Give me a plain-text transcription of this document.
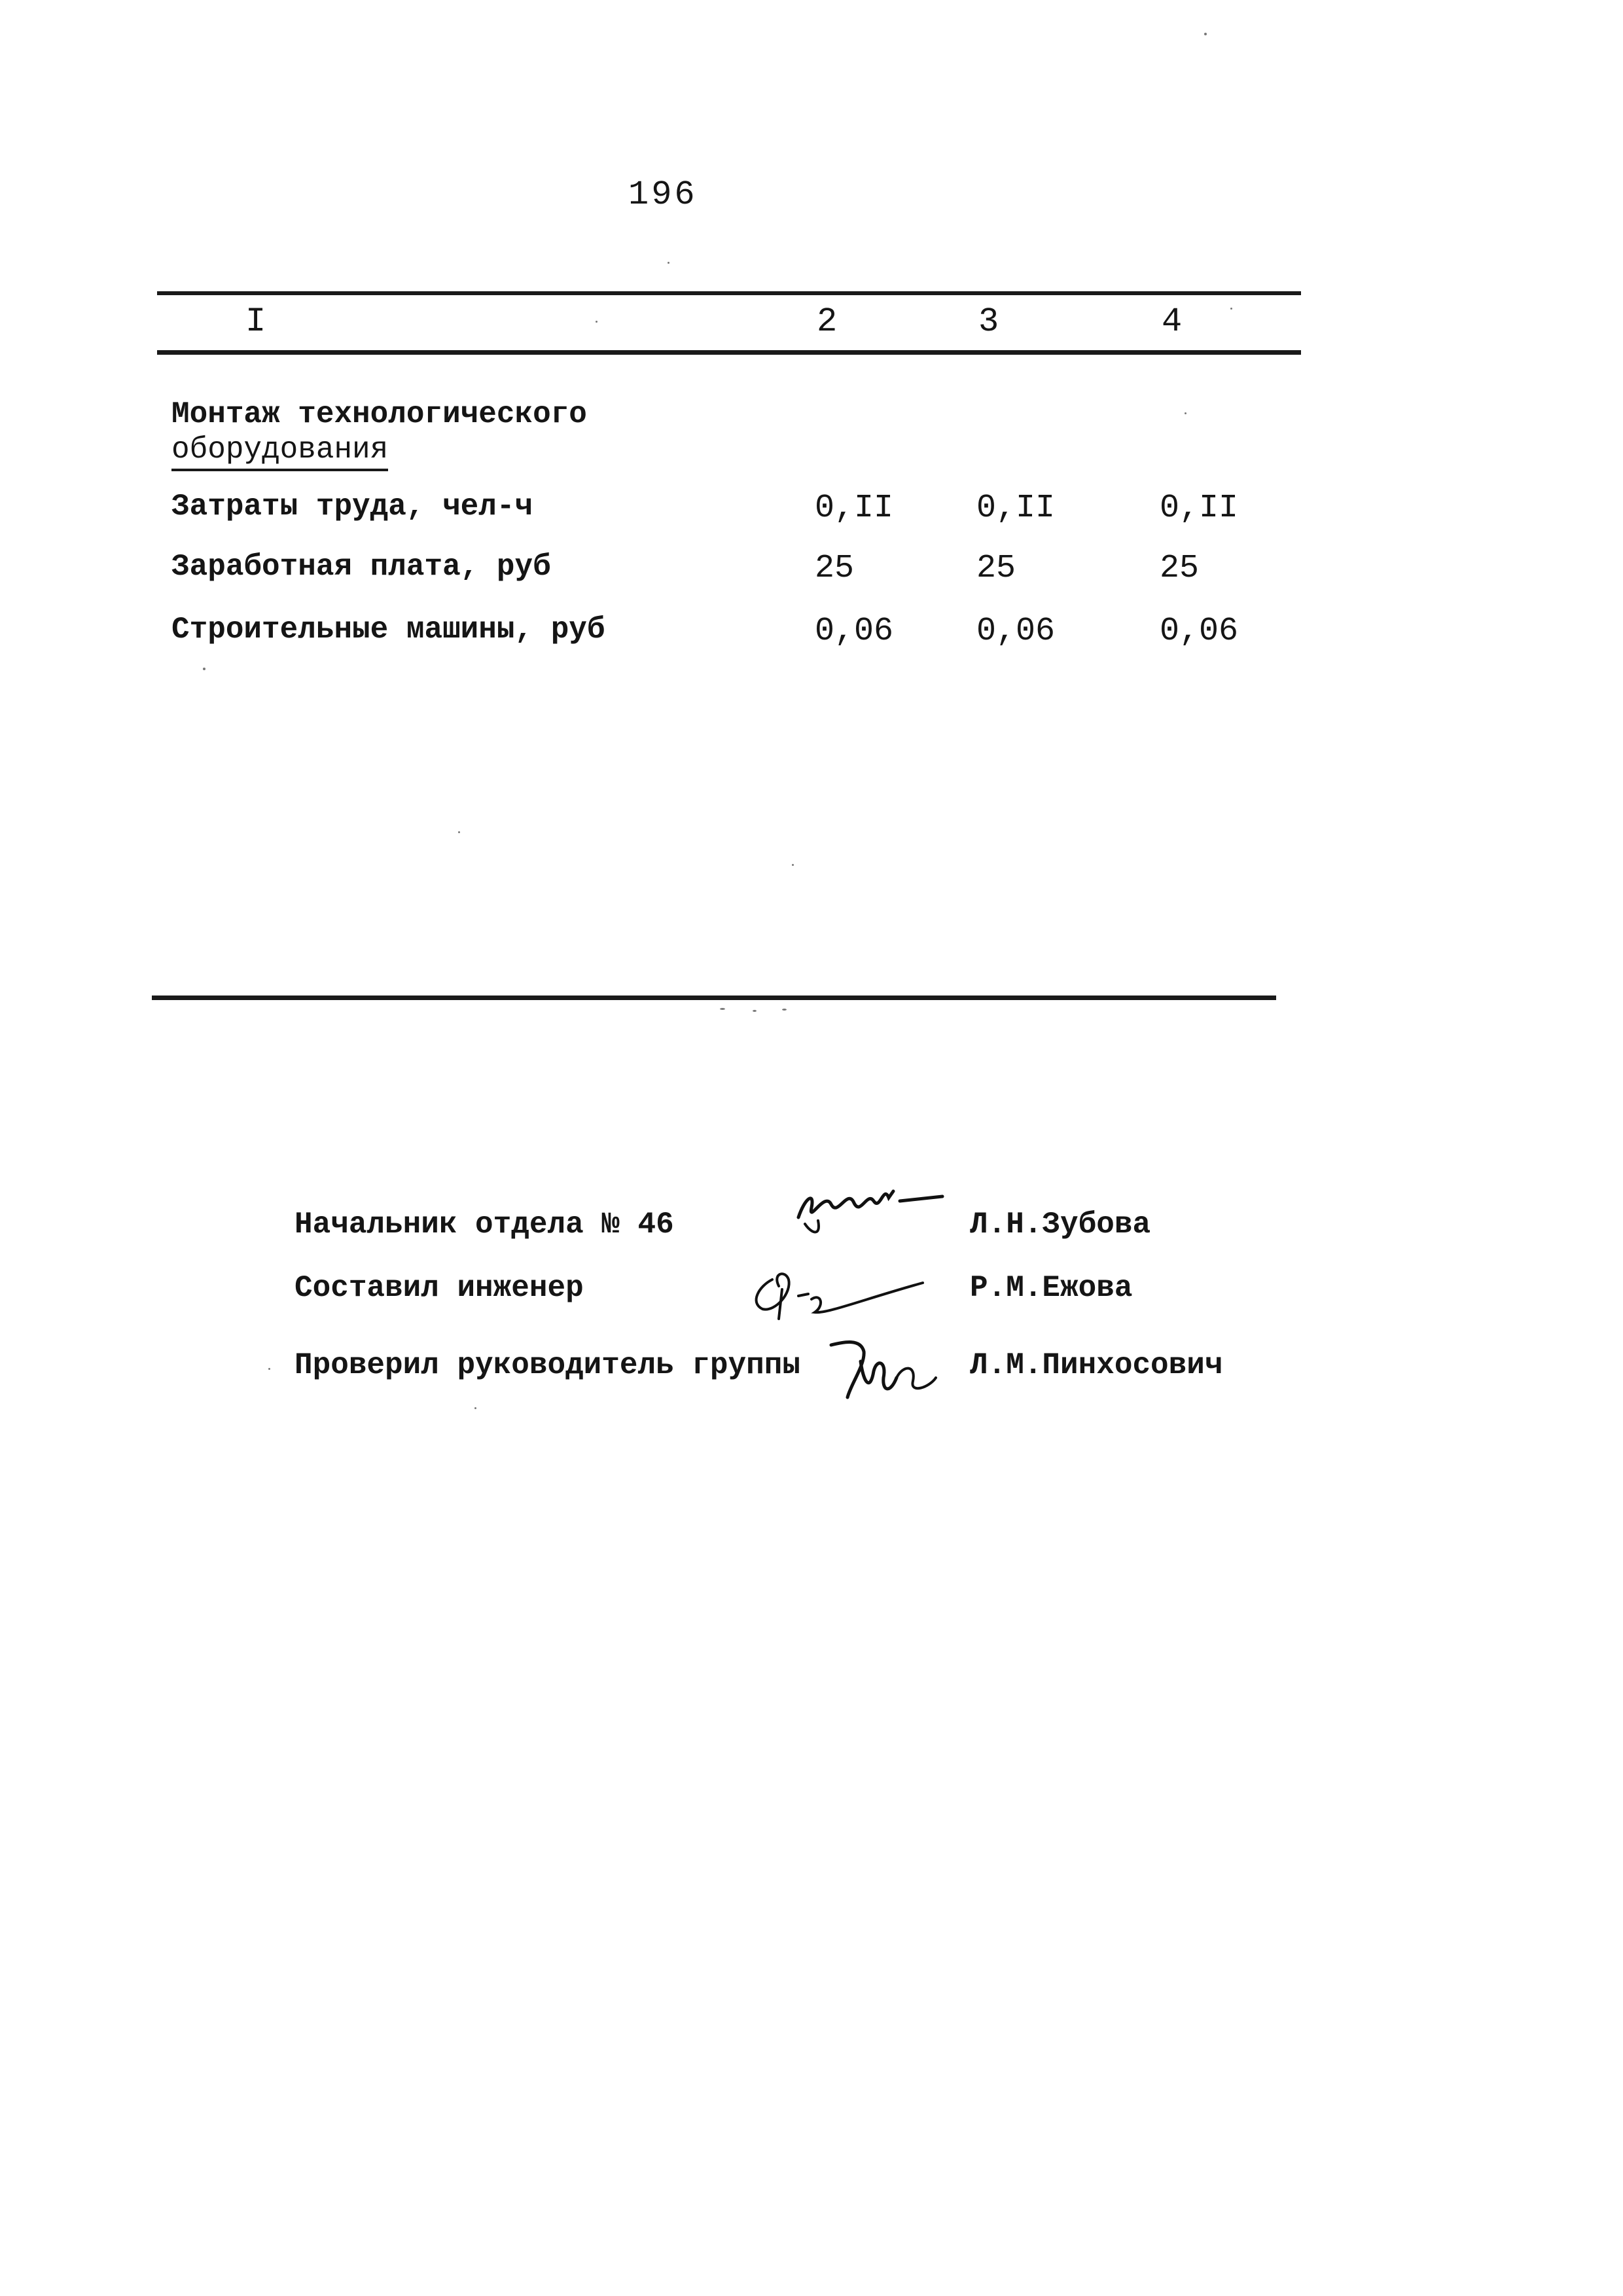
196
I	2	3	4
Монтаж технологического
оборудования
Затраты труда, чел-ч	0,II	0,II	0,II
Заработная плата, руб	25	25	25
Строительные машины, руб	0,06	0,06	0,06
Начальник отдела № 46	Л.Н.Зубова
Составил инженер	Р.М.Ежова
Проверил руководитель группы	Л.М.Пинхосович
